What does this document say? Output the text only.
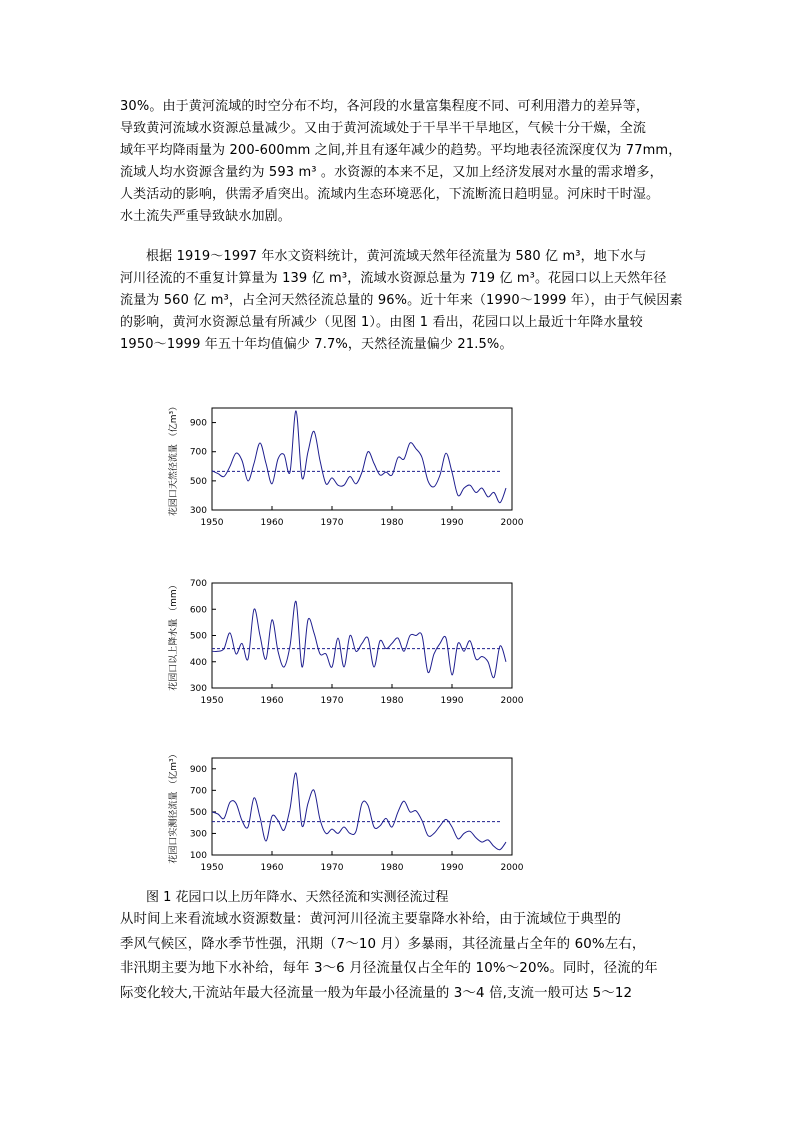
30%。由于黄河流域的时空分布不均，各河段的水量富集程度不同、可利用潜力的差异等，
导致黄河流域水资源总量减少。又由于黄河流域处于干旱半干旱地区，气候十分干燥，全流
域年平均降雨量为 200-600mm 之间,并且有逐年减少的趋势。平均地表径流深度仅为 77mm，
流域人均水资源含量约为 593 m³ 。水资源的本来不足，又加上经济发展对水量的需求增多，
人类活动的影响，供需矛盾突出。流域内生态环境恶化，下流断流日趋明显。河床时干时湿。
水土流失严重导致缺水加剧。
根据 1919～1997 年水文资料统计，黄河流域天然年径流量为 580 亿 m³，地下水与
河川径流的不重复计算量为 139 亿 m³，流域水资源总量为 719 亿 m³。花园口以上天然年径
流量为 560 亿 m³，占全河天然径流总量的 96%。近十年来（1990～1999 年），由于气候因素
的影响，黄河水资源总量有所减少（见图 1）。由图 1 看出，花园口以上最近十年降水量较
1950～1999 年五十年均值偏少 7.7%，天然径流量偏少 21.5%。
300
500
700
900
1950	1960	1970	1980	1990	2000
花园口天然径流量 （亿m³）
300
400
500
600
700
1950	1960	1970	1980	1990	2000
花园口以上降水量 （mm）
100
300
500
700
900
1950	1960	1970	1980	1990	2000
花园口实测径流量 （亿m³）

图 1 花园口以上历年降水、天然径流和实测径流过程

从时间上来看流域水资源数量：黄河河川径流主要靠降水补给，由于流域位于典型的
季风气候区，降水季节性强，汛期（7～10 月）多暴雨，其径流量占全年的 60%左右，
非汛期主要为地下水补给，每年 3～6 月径流量仅占全年的 10%～20%。同时，径流的年
际变化较大,干流站年最大径流量一般为年最小径流量的 3～4 倍,支流一般可达 5～12
